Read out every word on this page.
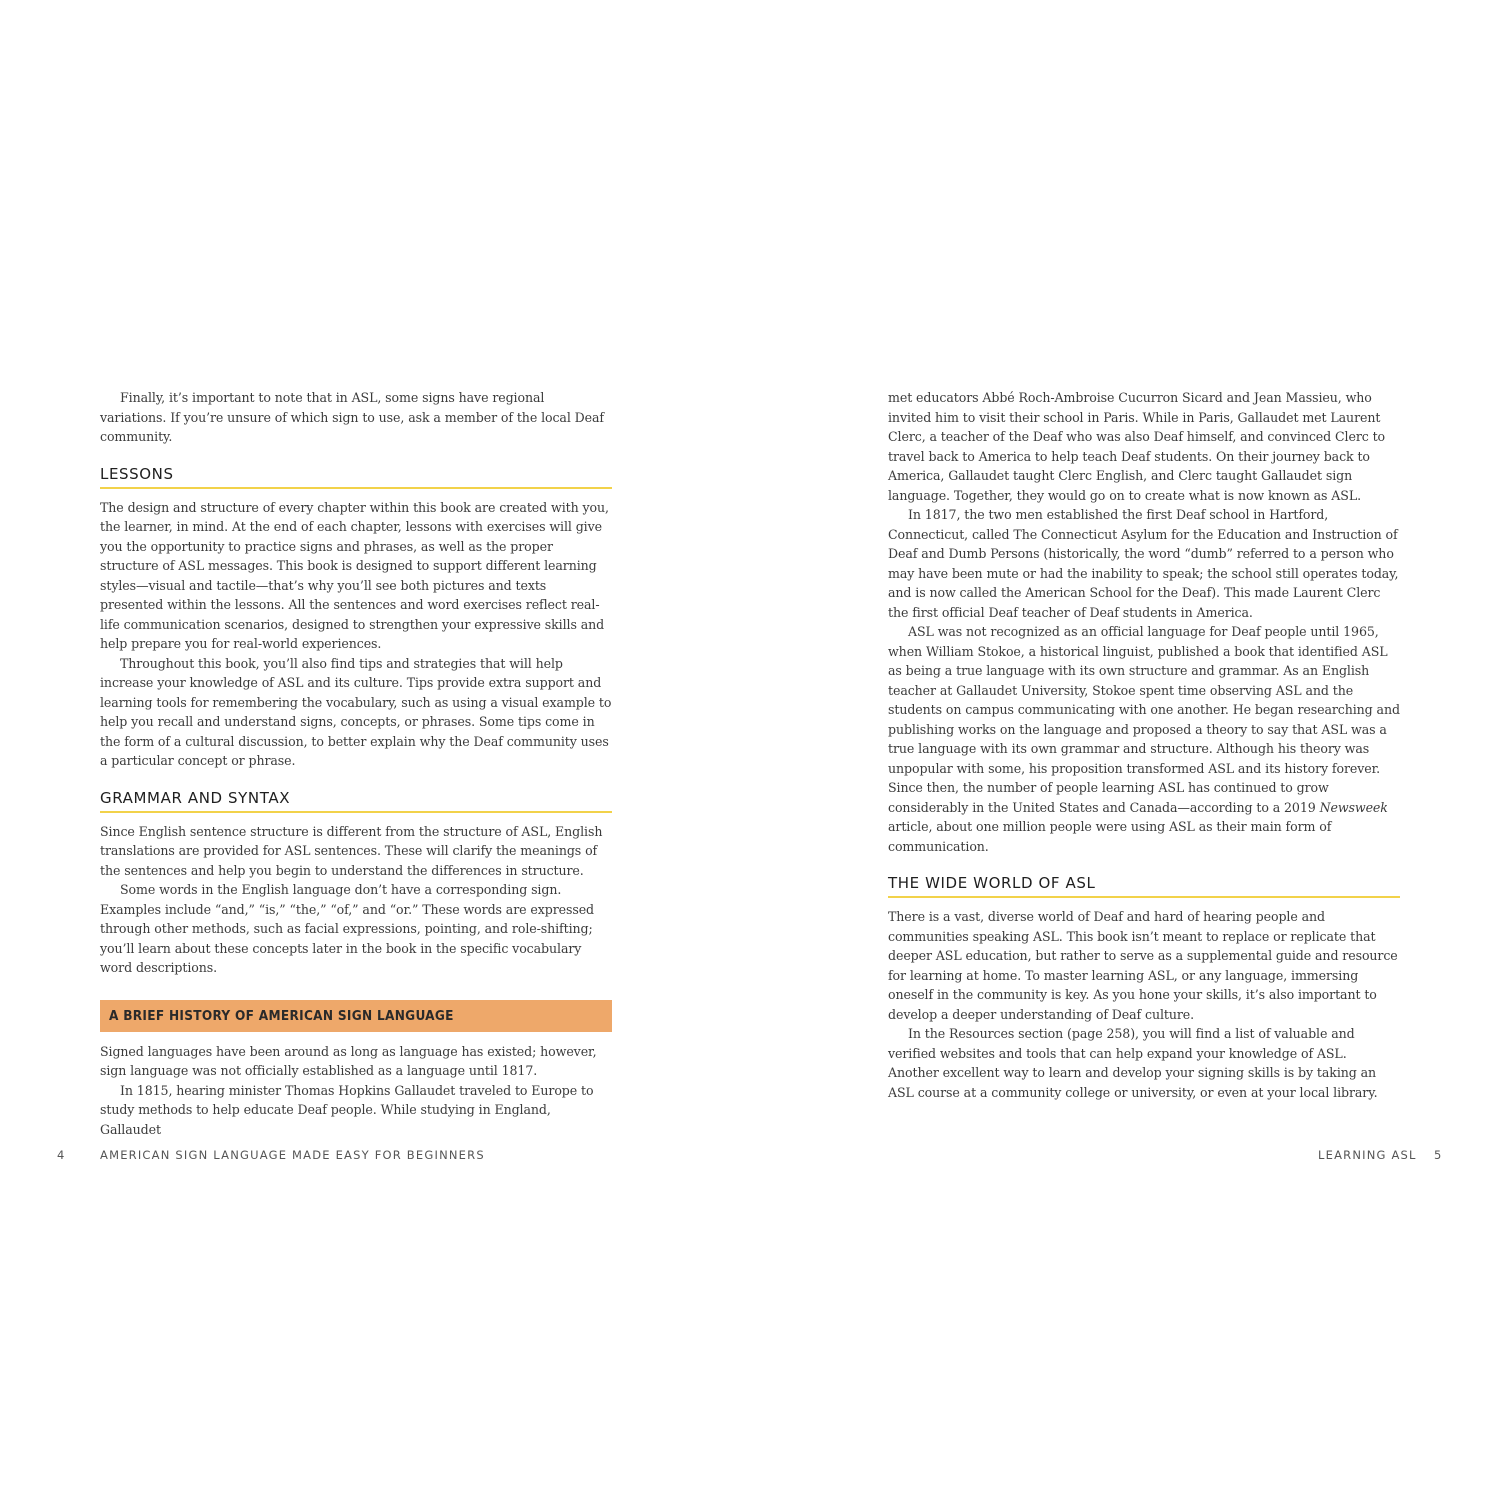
Finally, it’s important to note that in ASL, some signs have regional variations. If you’re unsure of which sign to use, ask a member of the local Deaf community.

LESSONS

The design and structure of every chapter within this book are created with you, the learner, in mind. At the end of each chapter, lessons with exercises will give you the opportunity to practice signs and phrases, as well as the proper structure of ASL messages. This book is designed to support different learning styles—visual and tactile—that’s why you’ll see both pictures and texts presented within the lessons. All the sentences and word exercises reflect real-life communication scenarios, designed to strengthen your expressive skills and help prepare you for real-world experiences.

Throughout this book, you’ll also find tips and strategies that will help increase your knowledge of ASL and its culture. Tips provide extra support and learning tools for remembering the vocabulary, such as using a visual example to help you recall and understand signs, concepts, or phrases. Some tips come in the form of a cultural discussion, to better explain why the Deaf community uses a particular concept or phrase.

GRAMMAR AND SYNTAX

Since English sentence structure is different from the structure of ASL, English translations are provided for ASL sentences. These will clarify the meanings of the sentences and help you begin to understand the differences in structure.

Some words in the English language don’t have a corresponding sign. Examples include “and,” “is,” “the,” “of,” and “or.” These words are expressed through other methods, such as facial expressions, pointing, and role-shifting; you’ll learn about these concepts later in the book in the specific vocabulary word descriptions.

A BRIEF HISTORY OF AMERICAN SIGN LANGUAGE

Signed languages have been around as long as language has existed; however, sign language was not officially established as a language until 1817.

In 1815, hearing minister Thomas Hopkins Gallaudet traveled to Europe to study methods to help educate Deaf people. While studying in England, Gallaudet

met educators Abbé Roch-Ambroise Cucurron Sicard and Jean Massieu, who invited him to visit their school in Paris. While in Paris, Gallaudet met Laurent Clerc, a teacher of the Deaf who was also Deaf himself, and convinced Clerc to travel back to America to help teach Deaf students. On their journey back to America, Gallaudet taught Clerc English, and Clerc taught Gallaudet sign language. Together, they would go on to create what is now known as ASL.

In 1817, the two men established the first Deaf school in Hartford, Connecticut, called The Connecticut Asylum for the Education and Instruction of Deaf and Dumb Persons (historically, the word “dumb” referred to a person who may have been mute or had the inability to speak; the school still operates today, and is now called the American School for the Deaf). This made Laurent Clerc the first official Deaf teacher of Deaf students in America.

ASL was not recognized as an official language for Deaf people until 1965, when William Stokoe, a historical linguist, published a book that identified ASL as being a true language with its own structure and grammar. As an English teacher at Gallaudet University, Stokoe spent time observing ASL and the students on campus communicating with one another. He began researching and publishing works on the language and proposed a theory to say that ASL was a true language with its own grammar and structure. Although his theory was unpopular with some, his proposition transformed ASL and its history forever. Since then, the number of people learning ASL has continued to grow considerably in the United States and Canada—according to a 2019 Newsweek article, about one million people were using ASL as their main form of communication.

THE WIDE WORLD OF ASL

There is a vast, diverse world of Deaf and hard of hearing people and communities speaking ASL. This book isn’t meant to replace or replicate that deeper ASL education, but rather to serve as a supplemental guide and resource for learning at home. To master learning ASL, or any language, immersing oneself in the community is key. As you hone your skills, it’s also important to develop a deeper understanding of Deaf culture.

In the Resources section (page 258), you will find a list of valuable and verified websites and tools that can help expand your knowledge of ASL. Another excellent way to learn and develop your signing skills is by taking an ASL course at a community college or university, or even at your local library.

4	AMERICAN SIGN LANGUAGE MADE EASY FOR BEGINNERS	LEARNING ASL 5
